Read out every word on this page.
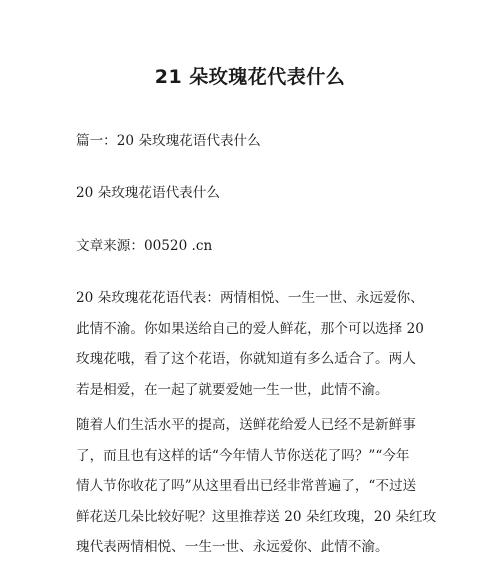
21 朵玫瑰花代表什么
篇一：20 朵玫瑰花语代表什么
20 朵玫瑰花语代表什么
文章来源：00520 .cn
20 朵玫瑰花花语代表：两情相悦、一生一世、永远爱你、
此情不渝。你如果送给自己的爱人鲜花，那个可以选择 20
玫瑰花哦，看了这个花语，你就知道有多么适合了。两人
若是相爱，在一起了就要爱她一生一世，此情不渝。
随着人们生活水平的提高，送鲜花给爱人已经不是新鲜事
了，而且也有这样的话“今年情人节你送花了吗？”“今年
情人节你收花了吗”从这里看出已经非常普遍了，“不过送
鲜花送几朵比较好呢？这里推荐送 20 朵红玫瑰，20 朵红玫
瑰代表两情相悦、一生一世、永远爱你、此情不渝。
